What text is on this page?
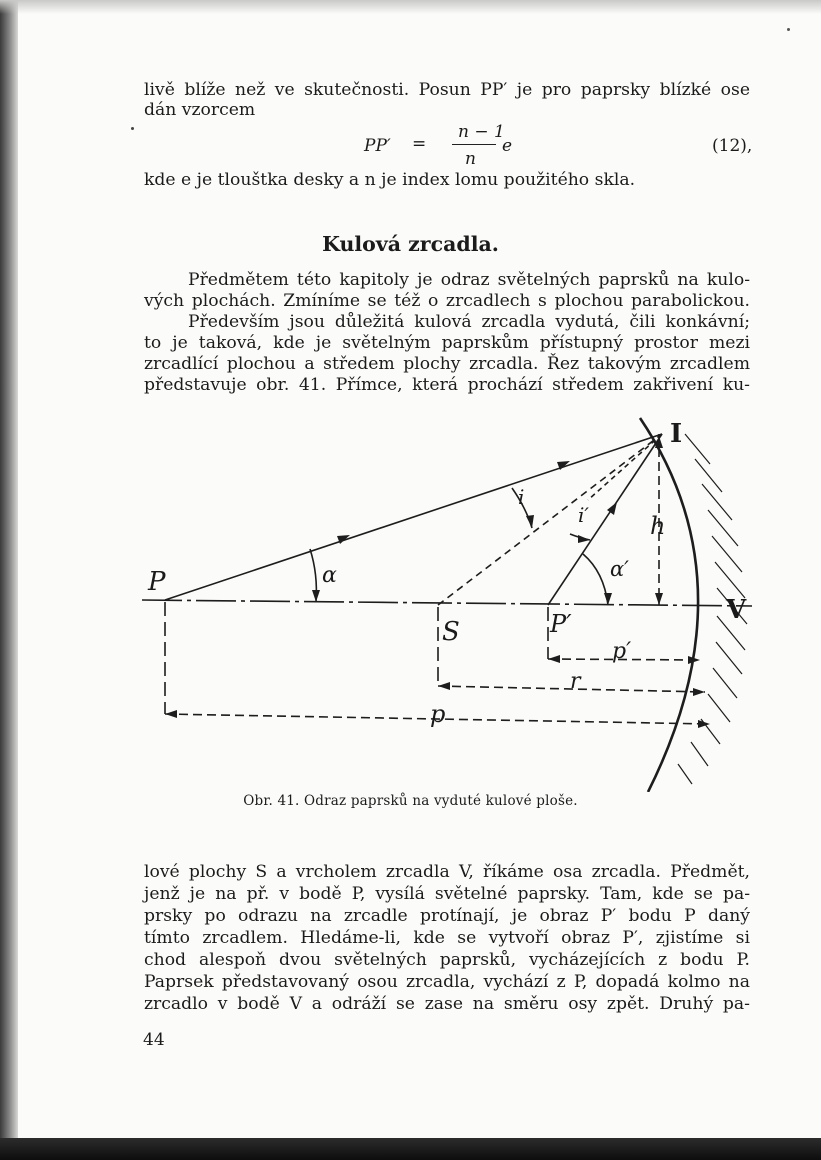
livě blíže než ve skutečnosti. Posun PP′ je pro paprsky blízké ose
dán vzorcem
PP′ =
n − 1
n
e	(12),
kde e je tlouštka desky a n je index lomu použitého skla.
Kulová zrcadla.
Předmětem této kapitoly je odraz světelných paprsků na kulo-
vých plochách. Zmíníme se též o zrcadlech s plochou parabolickou.
Především jsou důležitá kulová zrcadla vydutá, čili konkávní;
to je taková, kde je světelným paprskům přístupný prostor mezi
zrcadlící plochou a středem plochy zrcadla. Řez takovým zrcadlem
představuje obr. 41. Přímce, která prochází středem zakřivení ku-
P	α
I
i
i′	h
α′
S	P′	V
p′
r
p
Obr. 41. Odraz paprsků na vyduté kulové ploše.
lové plochy S a vrcholem zrcadla V, říkáme osa zrcadla. Předmět,
jenž je na př. v bodě P, vysílá světelné paprsky. Tam, kde se pa-
prsky po odrazu na zrcadle protínají, je obraz P′ bodu P daný
tímto zrcadlem. Hledáme-li, kde se vytvoří obraz P′, zjistíme si
chod alespoň dvou světelných paprsků, vycházejících z bodu P.
Paprsek představovaný osou zrcadla, vychází z P, dopadá kolmo na
zrcadlo v bodě V a odráží se zase na směru osy zpět. Druhý pa-
44
